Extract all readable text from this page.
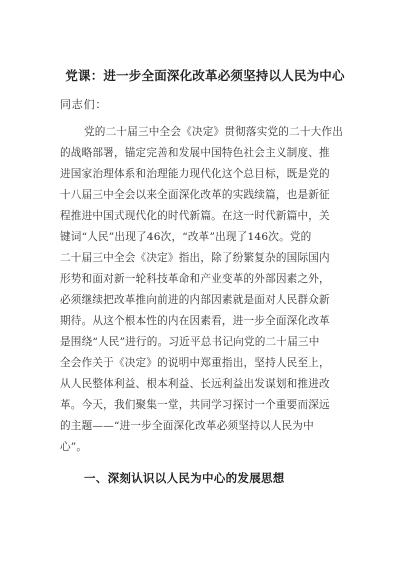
党课：进一步全面深化改革必须坚持以人民为中心
同志们：
党的二十届三中全会《决定》贯彻落实党的二十大作出
的战略部署，锚定完善和发展中国特色社会主义制度、推
进国家治理体系和治理能力现代化这个总目标，既是党的
十八届三中全会以来全面深化改革的实践续篇，也是新征
程推进中国式现代化的时代新篇。在这一时代新篇中，关
键词“人民”出现了46次，“改革”出现了146次。党的
二十届三中全会《决定》指出，除了纷繁复杂的国际国内
形势和面对新一轮科技革命和产业变革的外部因素之外，
必须继续把改革推向前进的内部因素就是面对人民群众新
期待。从这个根本性的内在因素看，进一步全面深化改革
是围绕“人民”进行的。习近平总书记向党的二十届三中
全会作关于《决定》的说明中郑重指出，坚持人民至上，
从人民整体利益、根本利益、长远利益出发谋划和推进改
革。今天，我们聚集一堂，共同学习探讨一个重要而深远
的主题——“进一步全面深化改革必须坚持以人民为中
心”。
一、深刻认识以人民为中心的发展思想
